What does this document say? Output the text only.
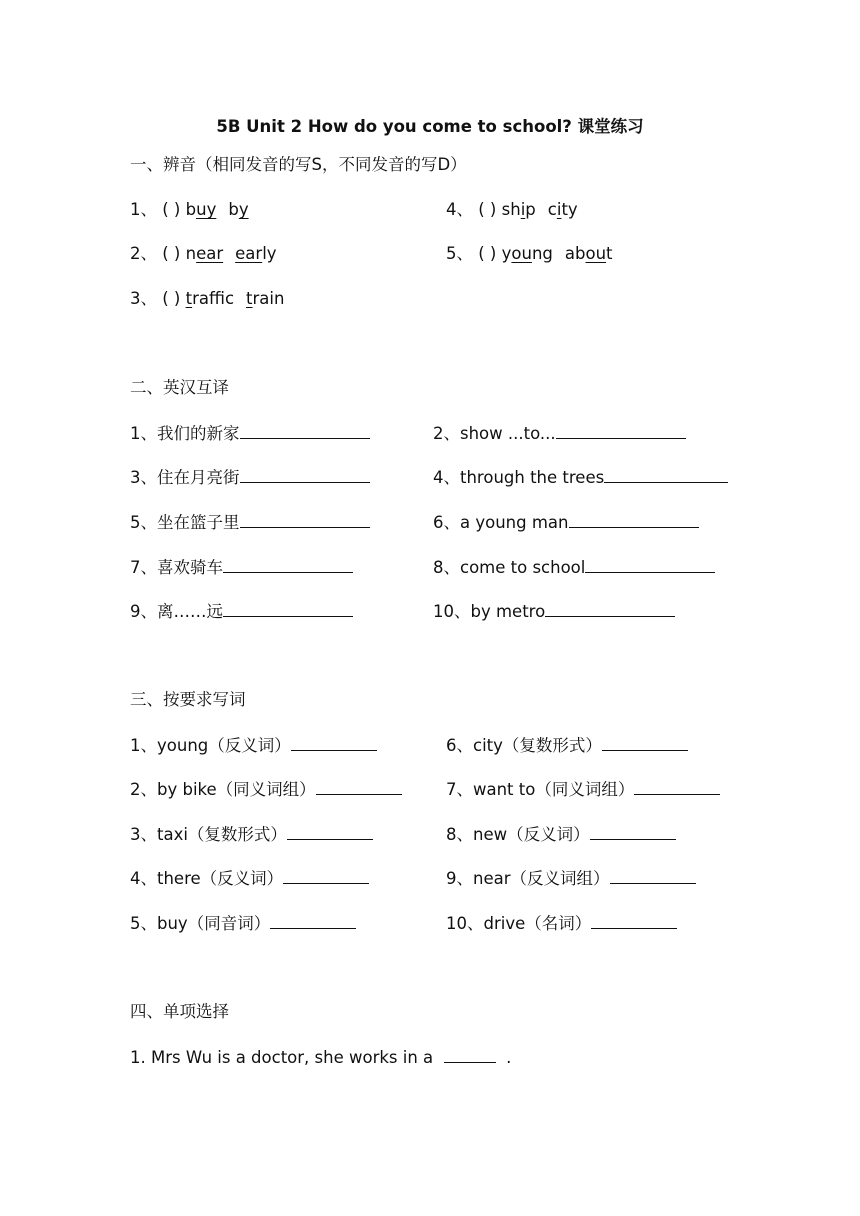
5B Unit 2 How do you come to school? 课堂练习
一、辨音（相同发音的写S，不同发音的写D）
1、 ( ) buy by
2、 ( ) near early
3、 ( ) traffic train
4、 ( ) ship city
5、 ( ) young about
二、英汉互译
1、我们的新家	2、show ...to...
3、住在月亮街	4、through the trees
5、坐在篮子里	6、a young man
7、喜欢骑车	8、come to school
9、离……远	10、by metro
三、按要求写词
1、young（反义词）	6、city（复数形式）
2、by bike（同义词组）	7、want to（同义词组）
3、taxi（复数形式）	8、new（反义词）
4、there（反义词）	9、near（反义词组）
5、buy（同音词）	10、drive（名词）
四、单项选择
1. Mrs Wu is a doctor, she works in a	.
